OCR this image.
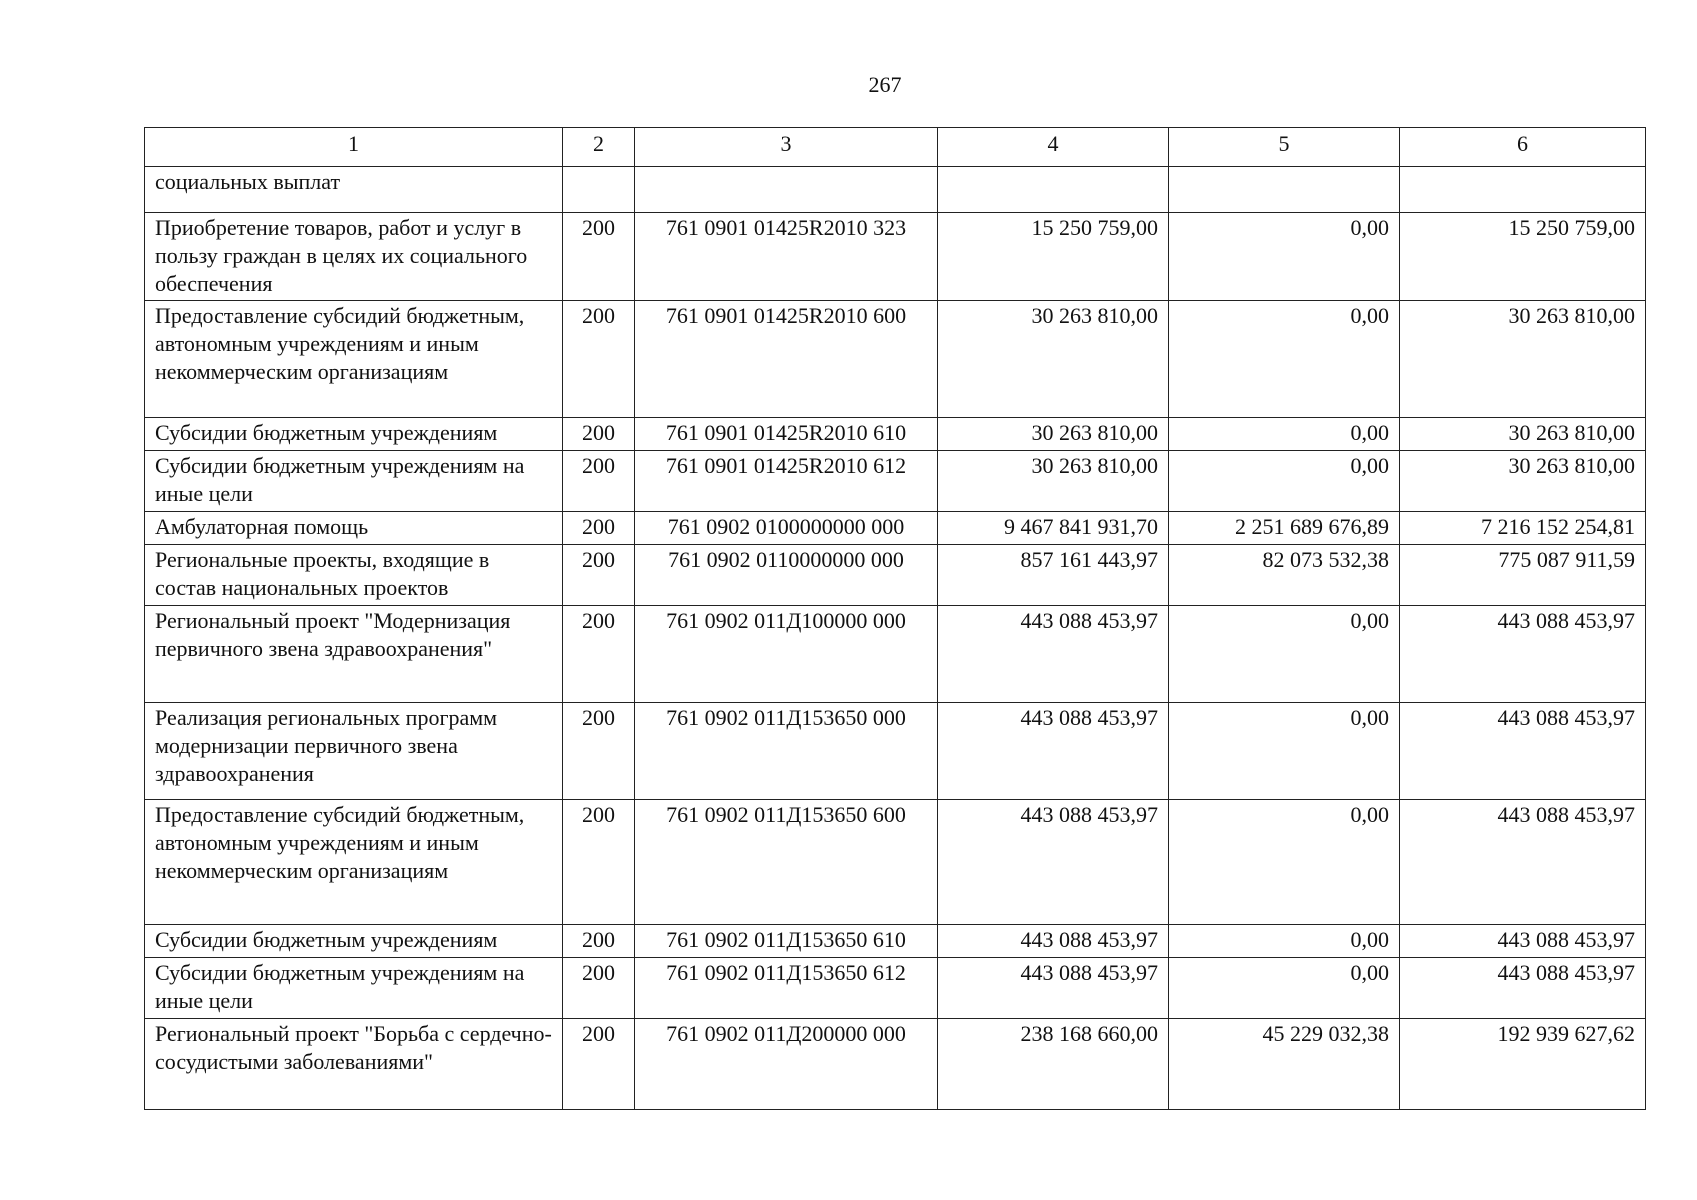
267
1	2	3	4	5	6
социальных выплат					
Приобретение товаров, работ и услуг в пользу граждан в целях их социального обеспечения	200	761 0901 01425R2010 323	15 250 759,00	0,00	15 250 759,00
Предоставление субсидий бюджетным, автономным учреждениям и иным некоммерческим организациям	200	761 0901 01425R2010 600	30 263 810,00	0,00	30 263 810,00
Субсидии бюджетным учреждениям	200	761 0901 01425R2010 610	30 263 810,00	0,00	30 263 810,00
Субсидии бюджетным учреждениям на иные цели	200	761 0901 01425R2010 612	30 263 810,00	0,00	30 263 810,00
Амбулаторная помощь	200	761 0902 0100000000 000	9 467 841 931,70	2 251 689 676,89	7 216 152 254,81
Региональные проекты, входящие в состав национальных проектов	200	761 0902 0110000000 000	857 161 443,97	82 073 532,38	775 087 911,59
Региональный проект "Модернизация первичного звена здравоохранения"	200	761 0902 011Д100000 000	443 088 453,97	0,00	443 088 453,97
Реализация региональных программ модернизации первичного звена здравоохранения	200	761 0902 011Д153650 000	443 088 453,97	0,00	443 088 453,97
Предоставление субсидий бюджетным, автономным учреждениям и иным некоммерческим организациям	200	761 0902 011Д153650 600	443 088 453,97	0,00	443 088 453,97
Субсидии бюджетным учреждениям	200	761 0902 011Д153650 610	443 088 453,97	0,00	443 088 453,97
Субсидии бюджетным учреждениям на иные цели	200	761 0902 011Д153650 612	443 088 453,97	0,00	443 088 453,97
Региональный проект "Борьба с сердечно-сосудистыми заболеваниями"	200	761 0902 011Д200000 000	238 168 660,00	45 229 032,38	192 939 627,62
